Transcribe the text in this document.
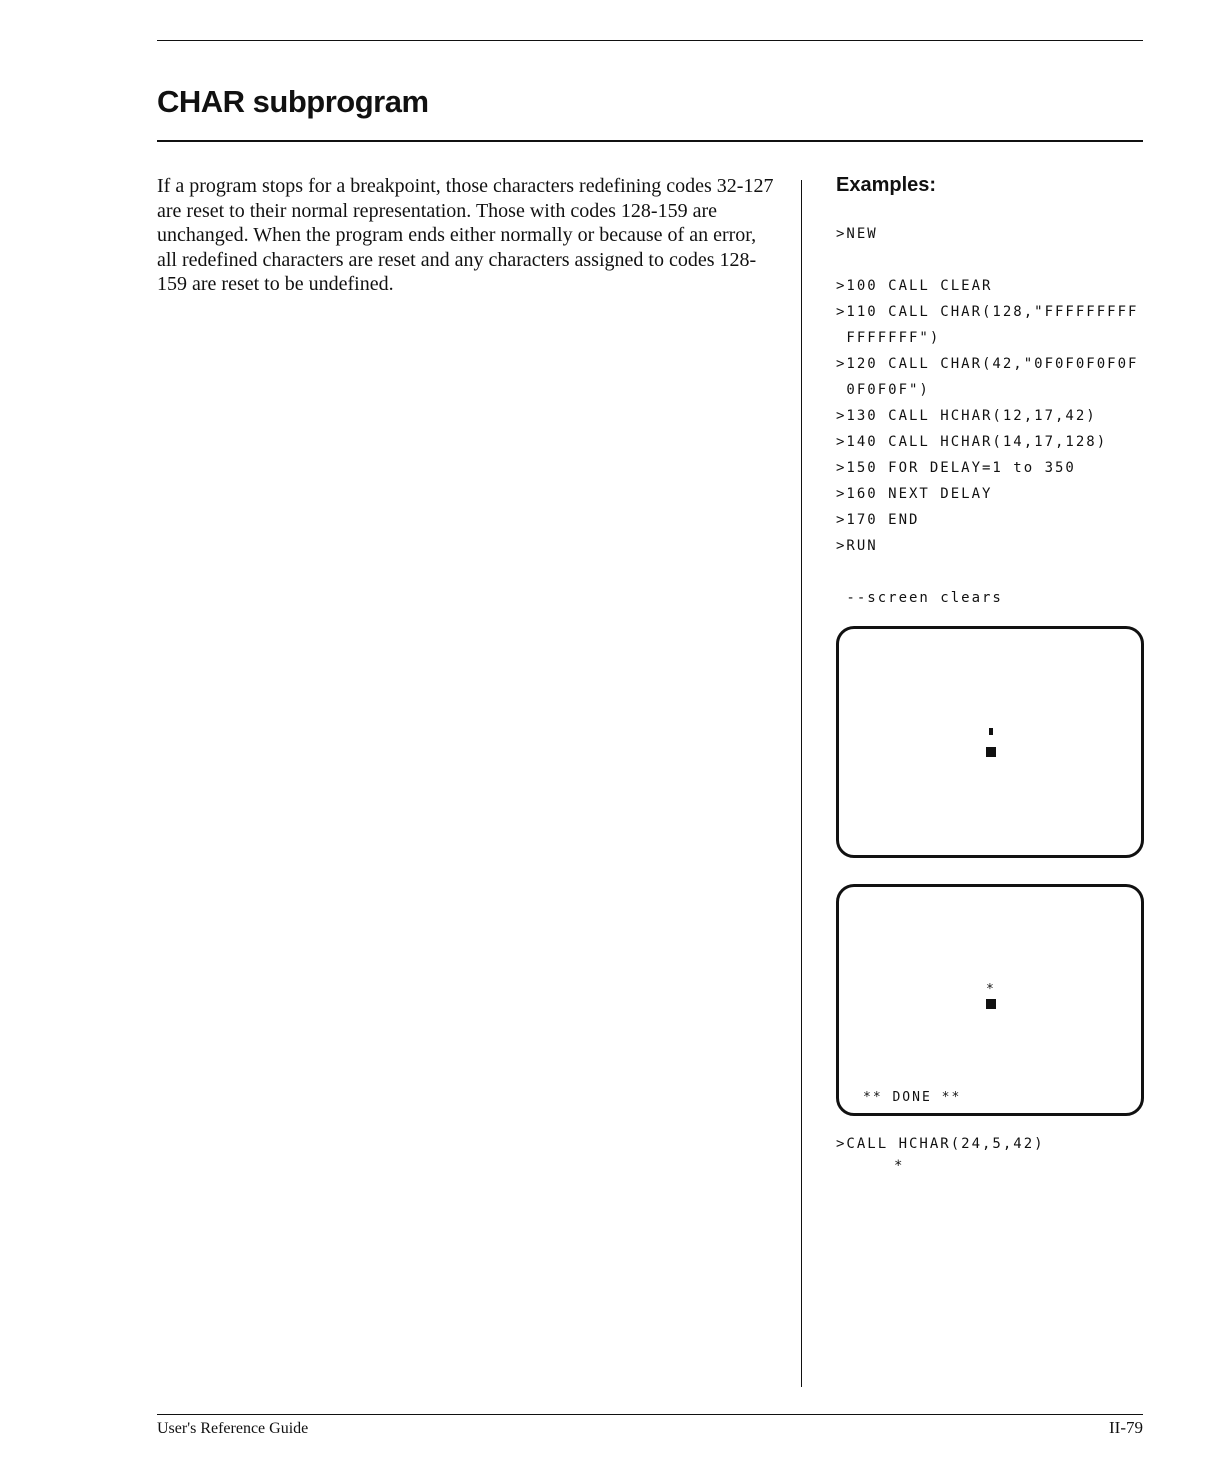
CHAR subprogram

If a program stops for a breakpoint, those characters redefining codes 32-127 are reset to their normal representation. Those with codes 128-159 are unchanged. When the program ends either normally or because of an error, all redefined characters are reset and any characters assigned to codes 128-159 are reset to be undefined.

Examples:
>NEW
>100 CALL CLEAR
>110 CALL CHAR(128,"FFFFFFFFF
FFFFFFF")
>120 CALL CHAR(42,"0F0F0F0F0F
0F0F0F")
>130 CALL HCHAR(12,17,42)
>140 CALL HCHAR(14,17,128)
>150 FOR DELAY=1 to 350
>160 NEXT DELAY
>170 END
>RUN
--screen clears
*
** DONE **
>CALL HCHAR(24,5,42)
*

User's Reference Guide	II-79
